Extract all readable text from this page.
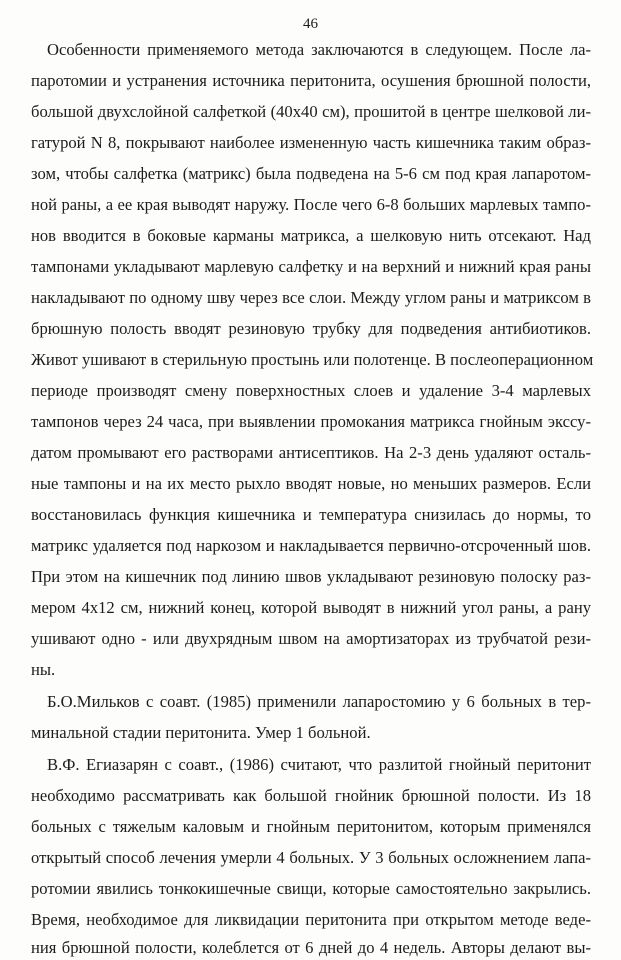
46
Особенности применяемого метода заключаются в следующем. После ла-
паротомии и устранения источника перитонита, осушения брюшной полости,
большой двухслойной салфеткой (40х40 см), прошитой в центре шелковой ли-
гатурой N 8, покрывают наиболее измененную часть кишечника таким образ-
зом, чтобы салфетка (матрикс) была подведена на 5-6 см под края лапаротом-
ной раны, а ее края выводят наружу. После чего 6-8 больших марлевых тампо-
нов вводится в боковые карманы матрикса, а шелковую нить отсекают. Над
тампонами укладывают марлевую салфетку и на верхний и нижний края раны
накладывают по одному шву через все слои. Между углом раны и матриксом в
брюшную полость вводят резиновую трубку для подведения антибиотиков.
Живот ушивают в стерильную простынь или полотенце. В послеоперационном
периоде производят смену поверхностных слоев и удаление 3-4 марлевых
тампонов через 24 часа, при выявлении промокания матрикса гнойным экссу-
датом промывают его растворами антисептиков. На 2-3 день удаляют осталь-
ные тампоны и на их место рыхло вводят новые, но меньших размеров. Если
восстановилась функция кишечника и температура снизилась до нормы, то
матрикс удаляется под наркозом и накладывается первично-отсроченный шов.
При этом на кишечник под линию швов укладывают резиновую полоску раз-
мером 4х12 см, нижний конец, которой выводят в нижний угол раны, а рану
ушивают одно - или двухрядным швом на амортизаторах из трубчатой рези-
ны.
Б.О.Мильков с соавт. (1985) применили лапаростомию у 6 больных в тер-
минальной стадии перитонита. Умер 1 больной.
В.Ф. Егиазарян с соавт., (1986) считают, что разлитой гнойный перитонит
необходимо рассматривать как большой гнойник брюшной полости. Из 18
больных с тяжелым каловым и гнойным перитонитом, которым применялся
открытый способ лечения умерли 4 больных. У 3 больных осложнением лапа-
ротомии явились тонкокишечные свищи, которые самостоятельно закрылись.
Время, необходимое для ликвидации перитонита при открытом методе веде-
ния брюшной полости, колеблется от 6 дней до 4 недель. Авторы делают вы-
